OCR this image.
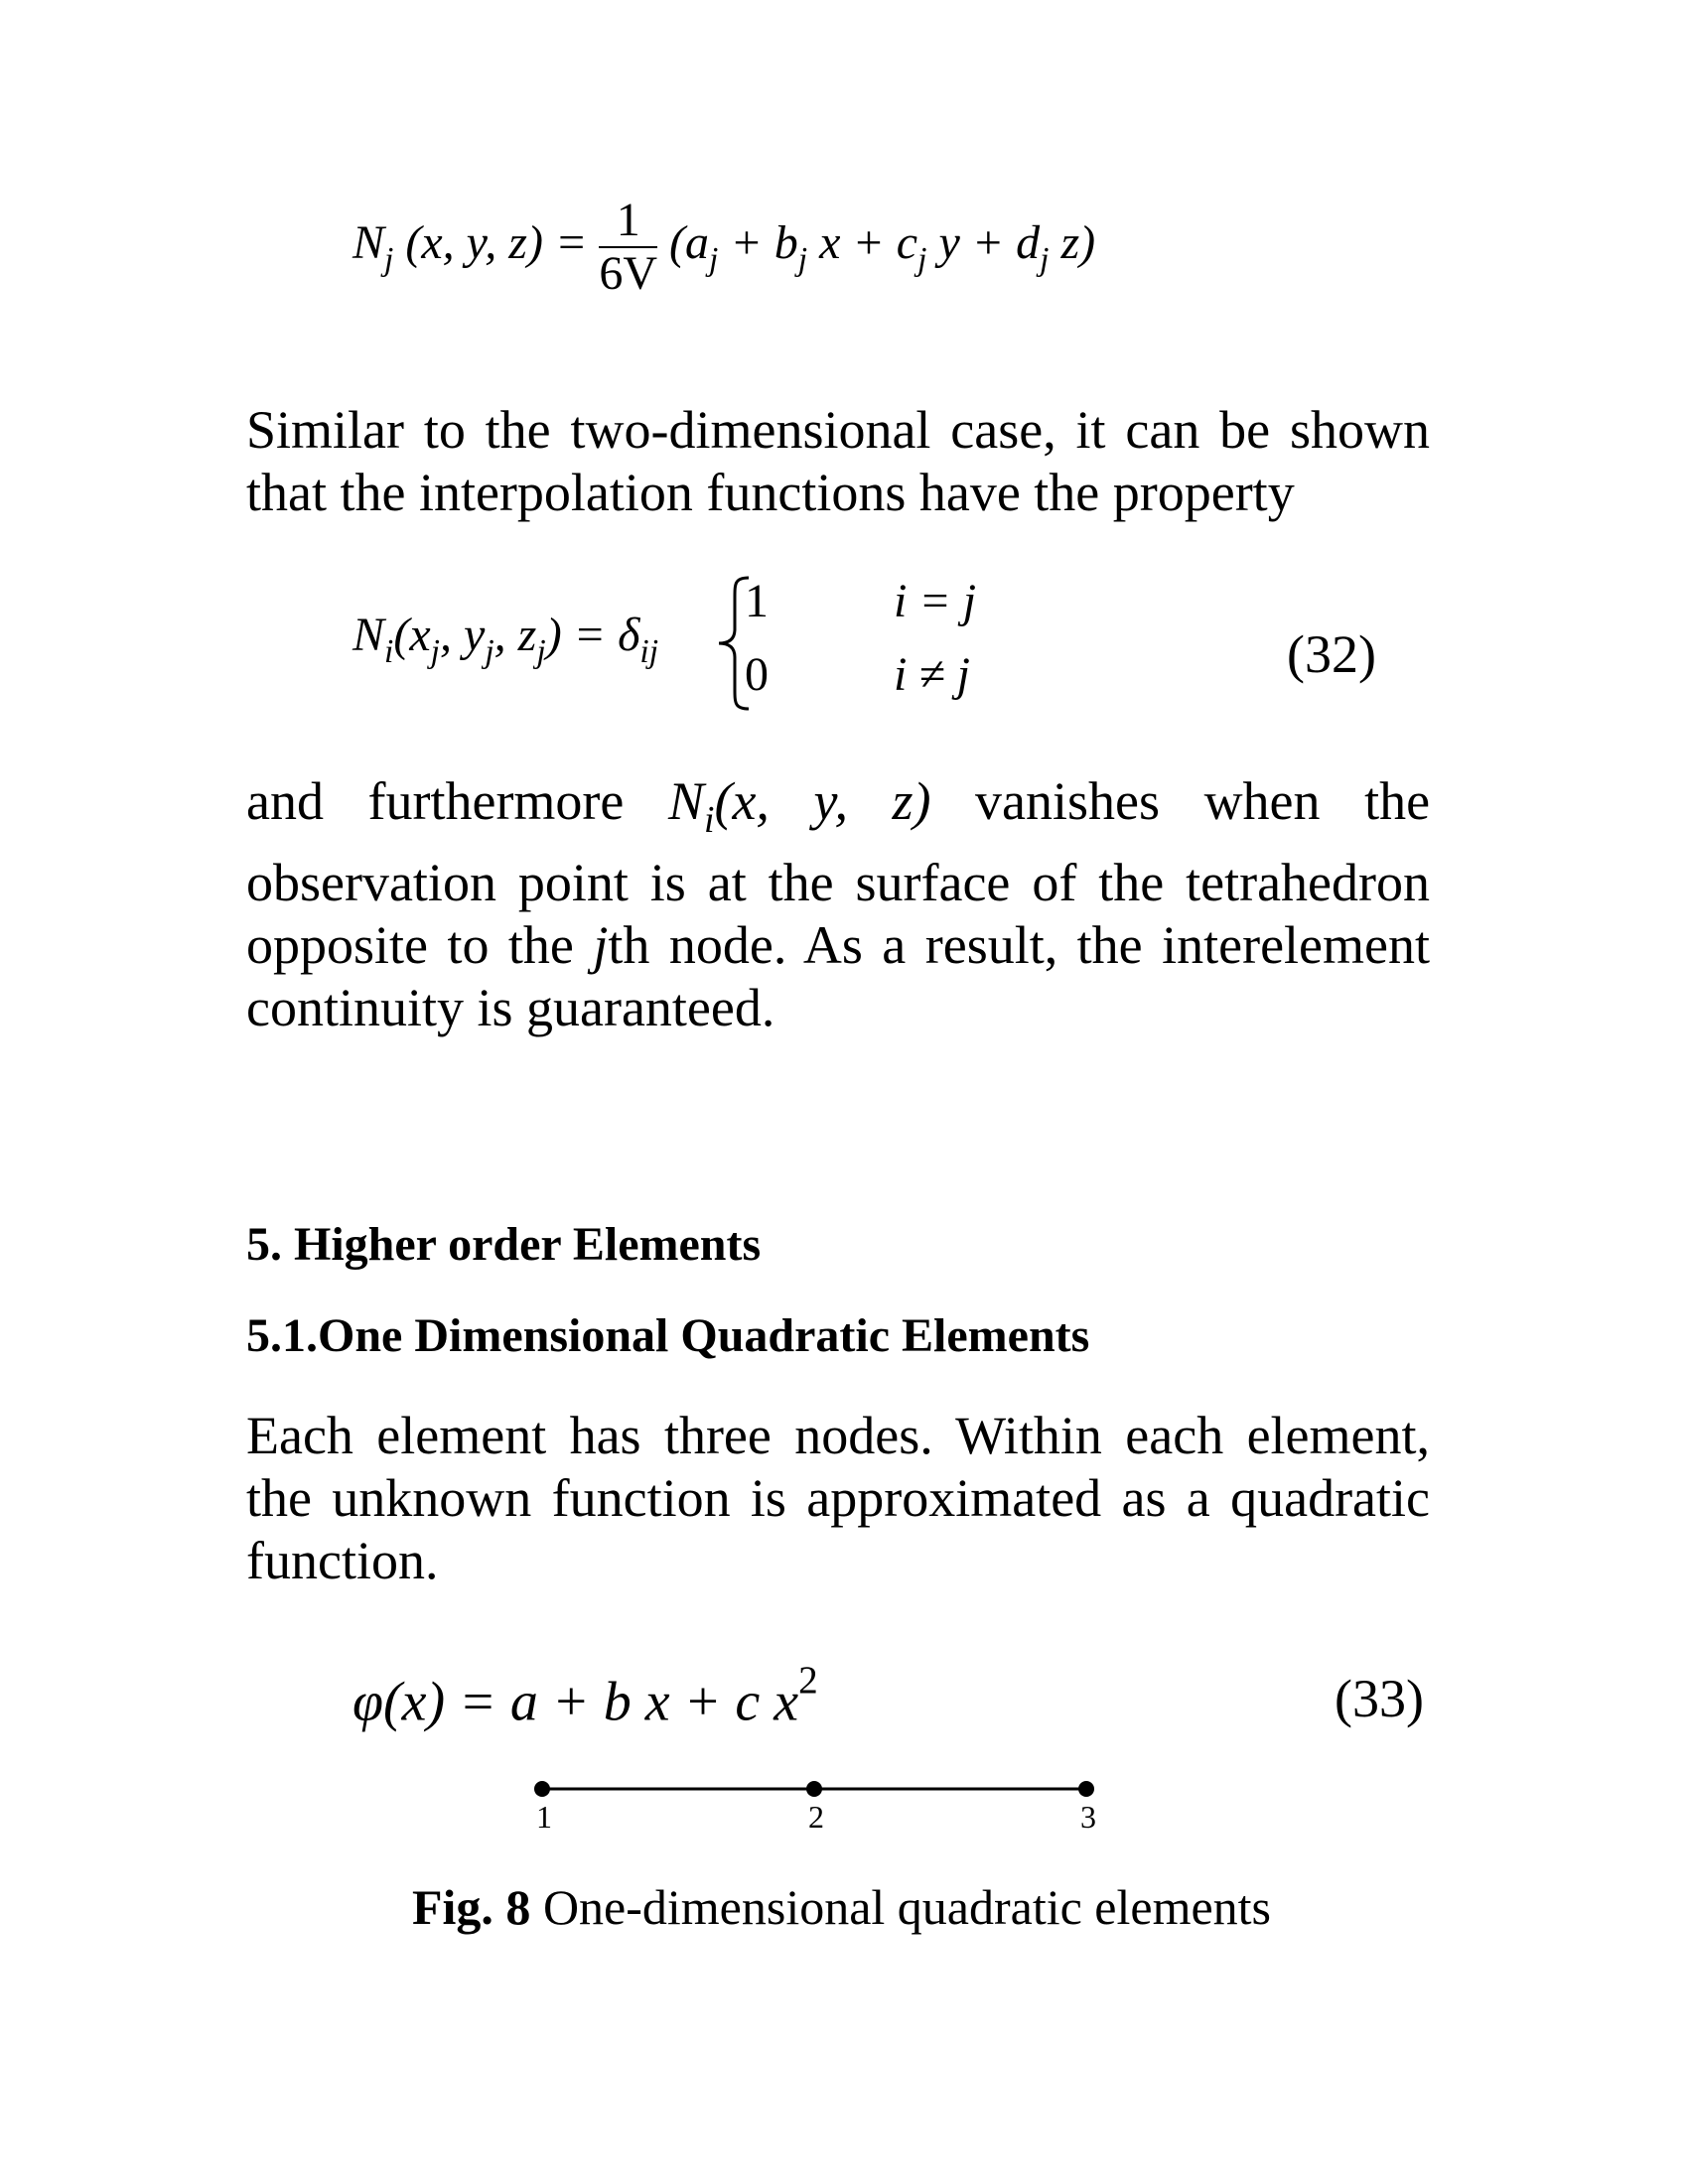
$N_j$ (x, y, $z) = \frac{1}{6V} (a_j + b_j$ $x + c_j$ $y + d_j$ z)
Similar to the two-dimensional case, it can be shown
that the interpolation functions have the property
$N_i(x_j$, $y_j$, $z_j) = \delta_{ij}$
1	i = j
0	i ≠ j	(32)
and furthermore $N_i(x$, y, z) vanishes when the
observation point is at the surface of the tetrahedron
opposite to the jth node. As a result, the interelement
continuity is guaranteed.
5. Higher order Elements
5.1.One Dimensional Quadratic Elements
Each element has three nodes. Within each element,
the unknown function is approximated as a quadratic
function.
φ(x) = a + b x + c $x^2$	(33)
1	2	3
Fig. 8 One-dimensional quadratic elements
